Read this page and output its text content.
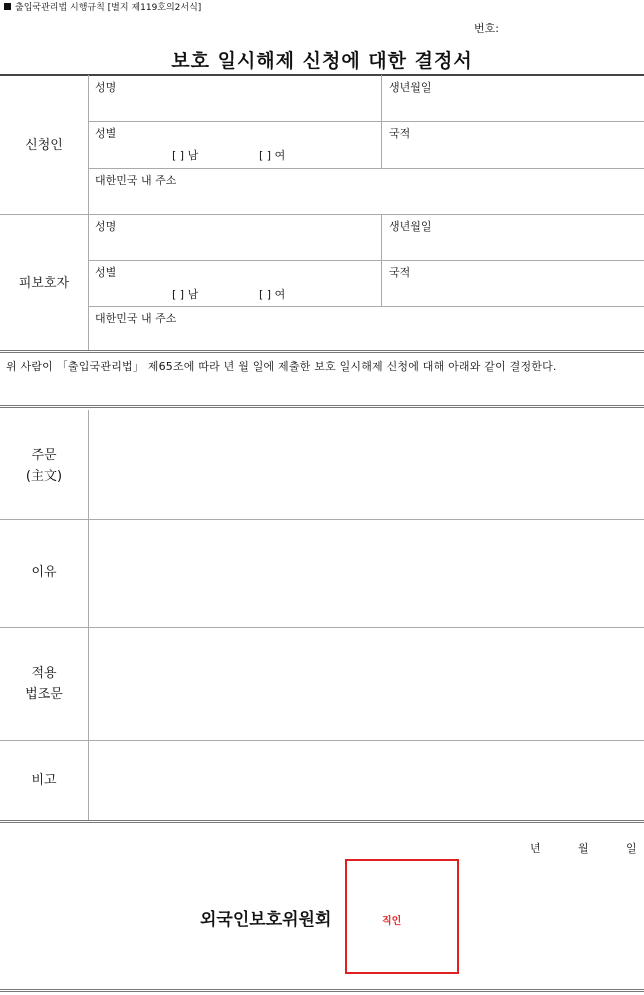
출입국관리법 시행규칙 [별지 제119호의2서식]
번호:
보호 일시해제 신청에 대한 결정서
신청인
성명	생년월일
성별
[ ] 남	[ ] 여
국적
대한민국 내 주소
피보호자
성명	생년월일
성별
[ ] 남	[ ] 여
국적
대한민국 내 주소
위 사람이 「출입국관리법」 제65조에 따라 년 월 일에 제출한 보호 일시해제 신청에 대해 아래와 같이 결정한다.
주문
(主文)
이유
적용
법조문
비고
년	월	일
외국인보호위원회	직인
